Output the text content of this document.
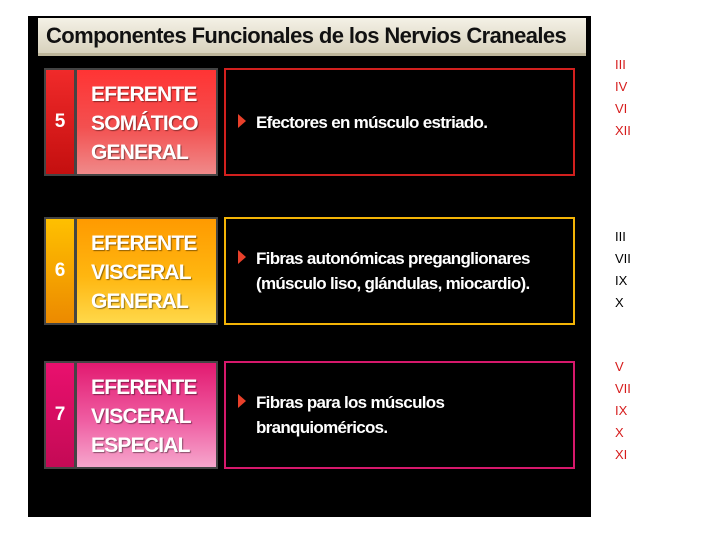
Componentes Funcionales de los Nervios Craneales
5
EFERENTE
SOMÁTICO
GENERAL
Efectores en músculo estriado.
6
EFERENTE
VISCERAL
GENERAL
Fibras autonómicas preganglionares
(músculo liso, glándulas, miocardio).
7
EFERENTE
VISCERAL
ESPECIAL
Fibras para los músculos
branquioméricos.
III
IV
VI
XII
III
VII
IX
X
V
VII
IX
X
XI
